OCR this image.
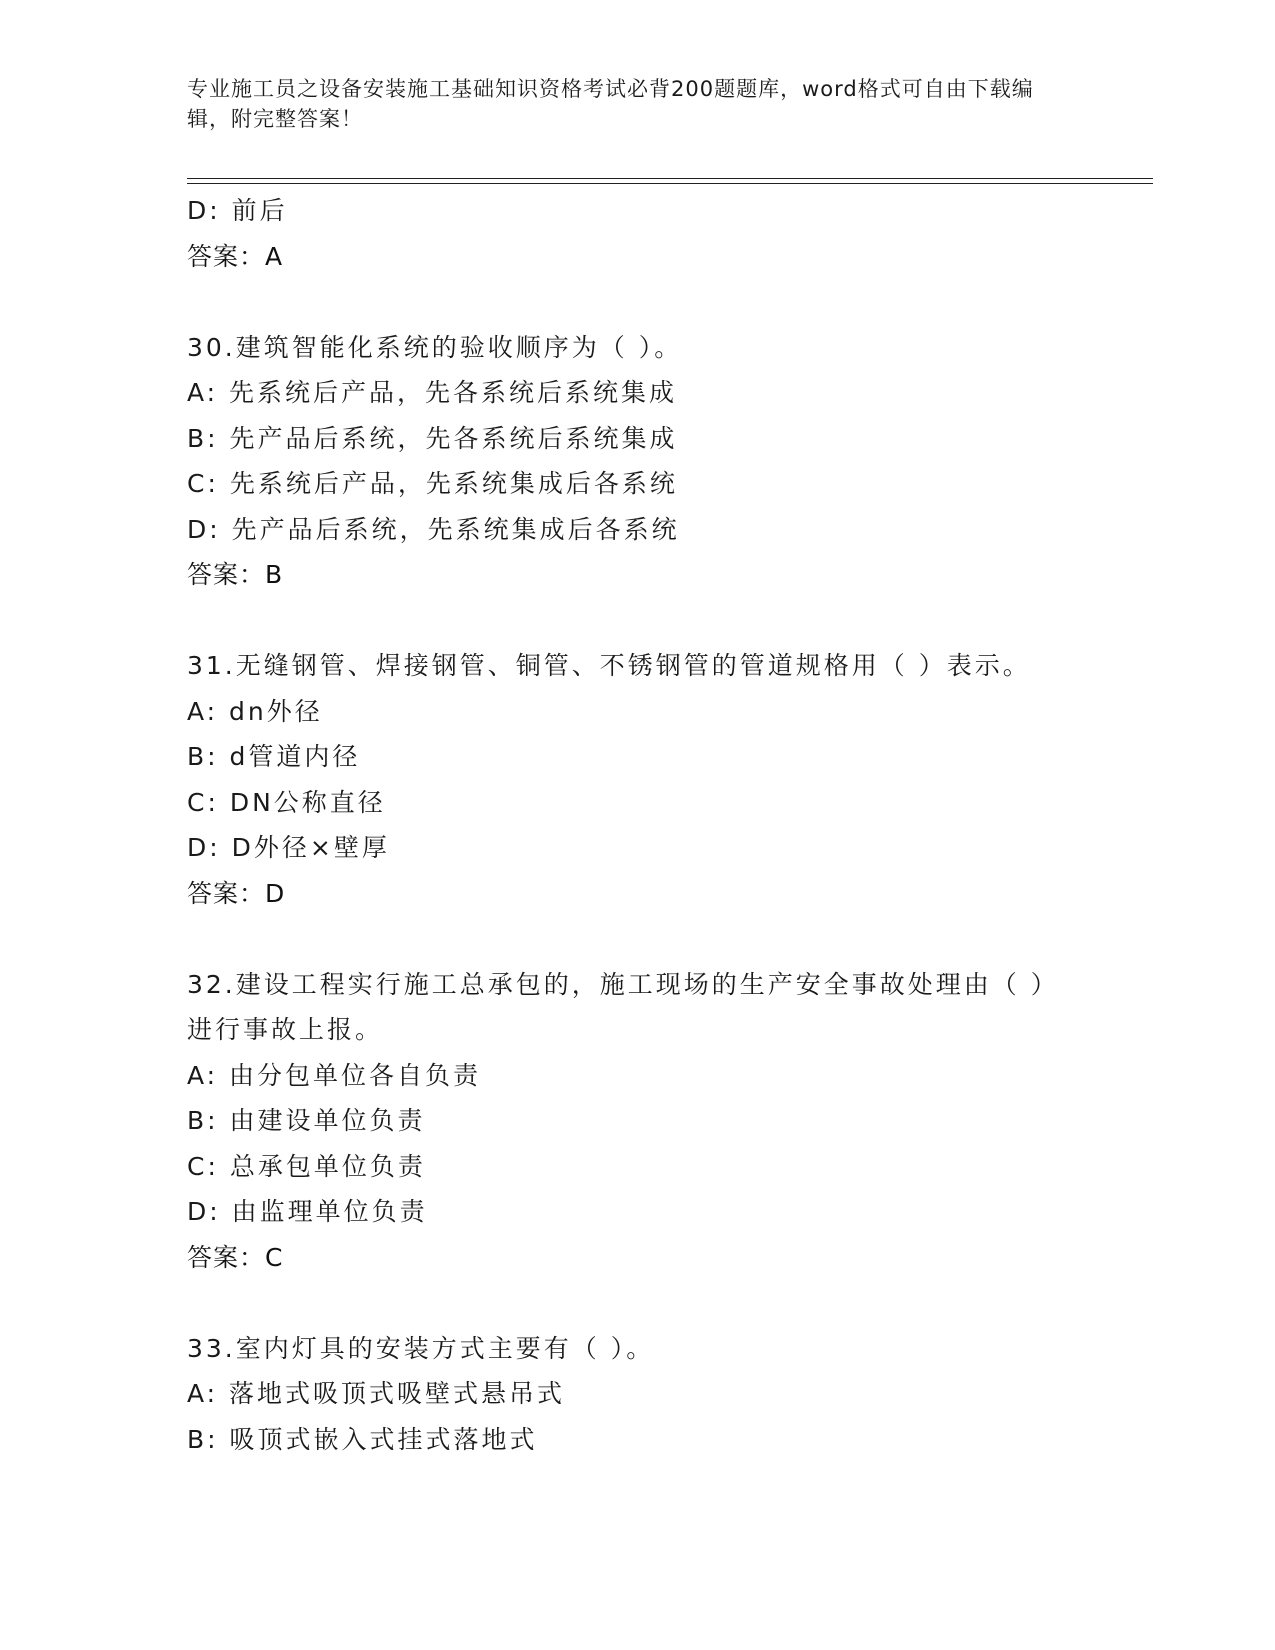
专业施工员之设备安装施工基础知识资格考试必背200题题库，word格式可自由下载编辑，附完整答案！
D: 前后
答案：A
30.建筑智能化系统的验收顺序为（ ）。
A: 先系统后产品，先各系统后系统集成
B: 先产品后系统，先各系统后系统集成
C: 先系统后产品，先系统集成后各系统
D: 先产品后系统，先系统集成后各系统
答案：B
31.无缝钢管、焊接钢管、铜管、不锈钢管的管道规格用（ ）表示。
A: dn外径
B: d管道内径
C: DN公称直径
D: D外径×壁厚
答案：D
32.建设工程实行施工总承包的，施工现场的生产安全事故处理由（ ）进行事故上报。
A: 由分包单位各自负责
B: 由建设单位负责
C: 总承包单位负责
D: 由监理单位负责
答案：C
33.室内灯具的安装方式主要有（ ）。
A: 落地式吸顶式吸壁式悬吊式
B: 吸顶式嵌入式挂式落地式
